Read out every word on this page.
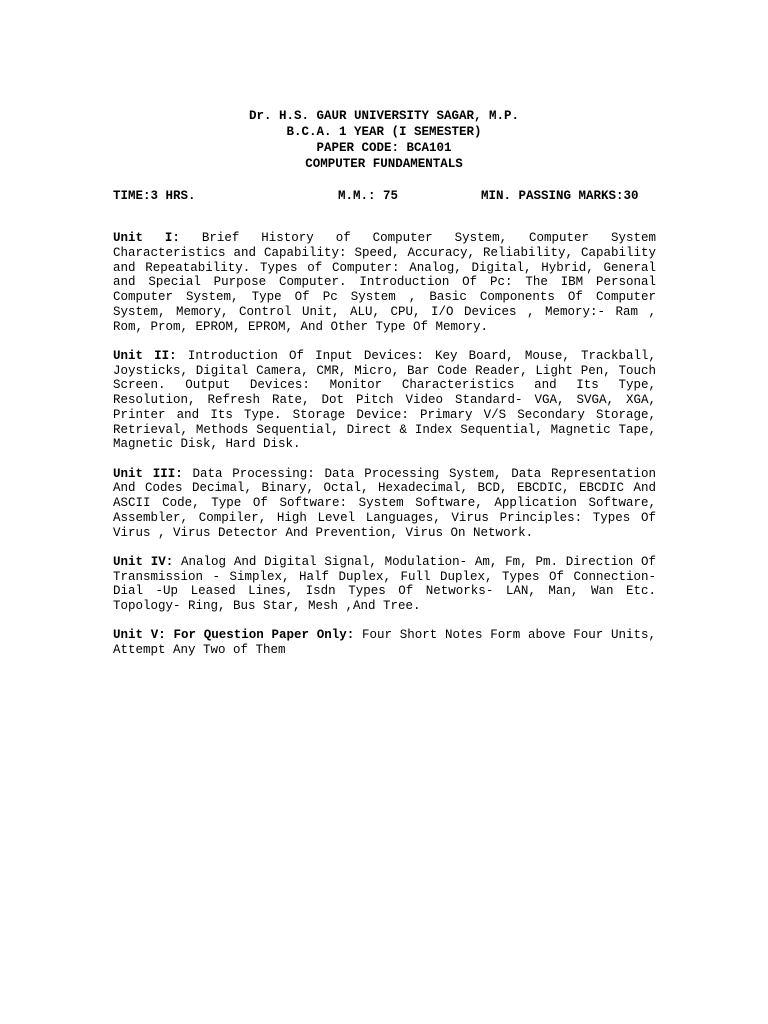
Dr. H.S. GAUR UNIVERSITY SAGAR, M.P.
B.C.A. 1 YEAR (I SEMESTER)
PAPER CODE: BCA101
COMPUTER FUNDAMENTALS
TIME:3 HRS.	M.M.: 75	MIN. PASSING MARKS:30

Unit I: Brief History of Computer System, Computer System Characteristics and Capability: Speed, Accuracy, Reliability, Capability and Repeatability. Types of Computer: Analog, Digital, Hybrid, General and Special Purpose Computer. Introduction Of Pc: The IBM Personal Computer System, Type Of Pc System , Basic Components Of Computer System, Memory, Control Unit, ALU, CPU, I/O Devices , Memory:- Ram , Rom, Prom, EPROM, EPROM, And Other Type Of Memory.

Unit II: Introduction Of Input Devices: Key Board, Mouse, Trackball, Joysticks, Digital Camera, CMR, Micro, Bar Code Reader, Light Pen, Touch Screen. Output Devices: Monitor Characteristics and Its Type, Resolution, Refresh Rate, Dot Pitch Video Standard- VGA, SVGA, XGA, Printer and Its Type. Storage Device: Primary V/S Secondary Storage, Retrieval, Methods Sequential, Direct & Index Sequential, Magnetic Tape, Magnetic Disk, Hard Disk.

Unit III: Data Processing: Data Processing System, Data Representation And Codes Decimal, Binary, Octal, Hexadecimal, BCD, EBCDIC, EBCDIC And ASCII Code, Type Of Software: System Software, Application Software, Assembler, Compiler, High Level Languages, Virus Principles: Types Of Virus , Virus Detector And Prevention, Virus On Network.

Unit IV: Analog And Digital Signal, Modulation- Am, Fm, Pm. Direction Of Transmission - Simplex, Half Duplex, Full Duplex, Types Of Connection- Dial -Up Leased Lines, Isdn Types Of Networks- LAN, Man, Wan Etc. Topology- Ring, Bus Star, Mesh ,And Tree.

Unit V: For Question Paper Only: Four Short Notes Form above Four Units, Attempt Any Two of Them
